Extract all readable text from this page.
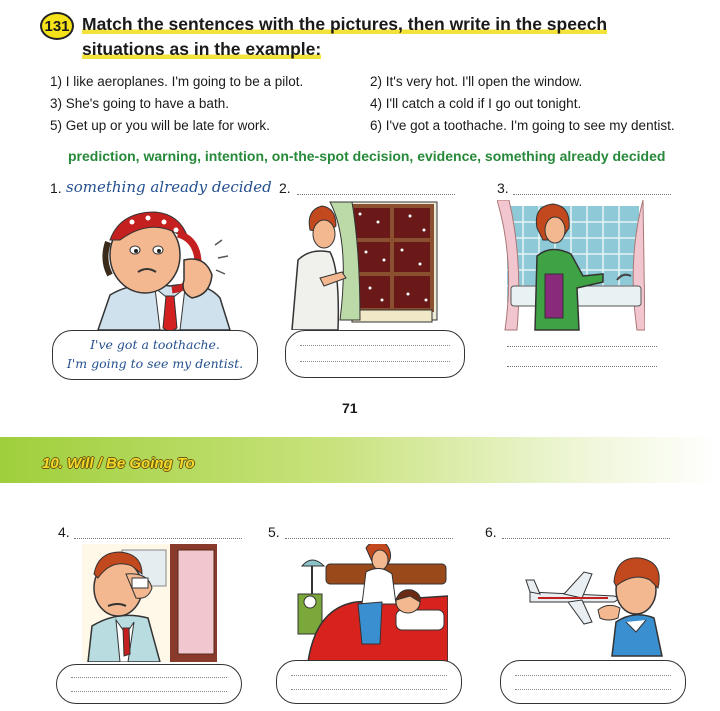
131 Match the sentences with the pictures, then write in the speech
situations as in the example:
1) I like aeroplanes. I'm going to be a pilot.	2) It's very hot. I'll open the window.
3) She's going to have a bath.	4) I'll catch a cold if I go out tonight.
5) Get up or you will be late for work.	6) I've got a toothache. I'm going to see my dentist.
prediction, warning, intention, on-the-spot decision, evidence, something already decided
1. something already decided
I've got a toothache.
I'm going to see my dentist.
2.	3.
71
10. Will / Be Going To
4.	5.	6.
